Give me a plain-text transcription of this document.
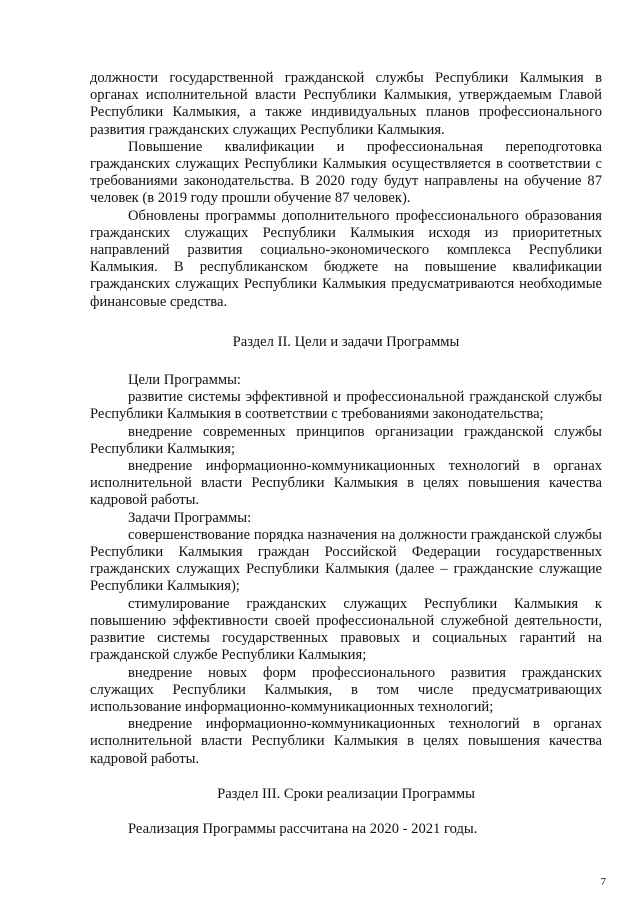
должности государственной гражданской службы Республики Калмыкия в органах исполнительной власти Республики Калмыкия, утверждаемым Главой Республики Калмыкия, а также индивидуальных планов профессионального развития гражданских служащих Республики Калмыкия.

Повышение квалификации и профессиональная переподготовка гражданских служащих Республики Калмыкия осуществляется в соответствии с требованиями законодательства. В 2020 году будут направлены на обучение 87 человек (в 2019 году прошли обучение 87 человек).

Обновлены программы дополнительного профессионального образования гражданских служащих Республики Калмыкия исходя из приоритетных направлений развития социально-экономического комплекса Республики Калмыкия. В республиканском бюджете на повышение квалификации гражданских служащих Республики Калмыкия предусматриваются необходимые финансовые средства.

Раздел II. Цели и задачи Программы

Цели Программы:

развитие системы эффективной и профессиональной гражданской службы Республики Калмыкия в соответствии с требованиями законодательства;

внедрение современных принципов организации гражданской службы Республики Калмыкия;

внедрение информационно-коммуникационных технологий в органах исполнительной власти Республики Калмыкия в целях повышения качества кадровой работы.

Задачи Программы:

совершенствование порядка назначения на должности гражданской службы Республики Калмыкия граждан Российской Федерации государственных гражданских служащих Республики Калмыкия (далее – гражданские служащие Республики Калмыкия);

стимулирование гражданских служащих Республики Калмыкия к повышению эффективности своей профессиональной служебной деятельности, развитие системы государственных правовых и социальных гарантий на гражданской службе Республики Калмыкия;

внедрение новых форм профессионального развития гражданских служащих Республики Калмыкия, в том числе предусматривающих использование информационно-коммуникационных технологий;

внедрение информационно-коммуникационных технологий в органах исполнительной власти Республики Калмыкия в целях повышения качества кадровой работы.

Раздел III. Сроки реализации Программы

Реализация Программы рассчитана на 2020 - 2021 годы.

7
